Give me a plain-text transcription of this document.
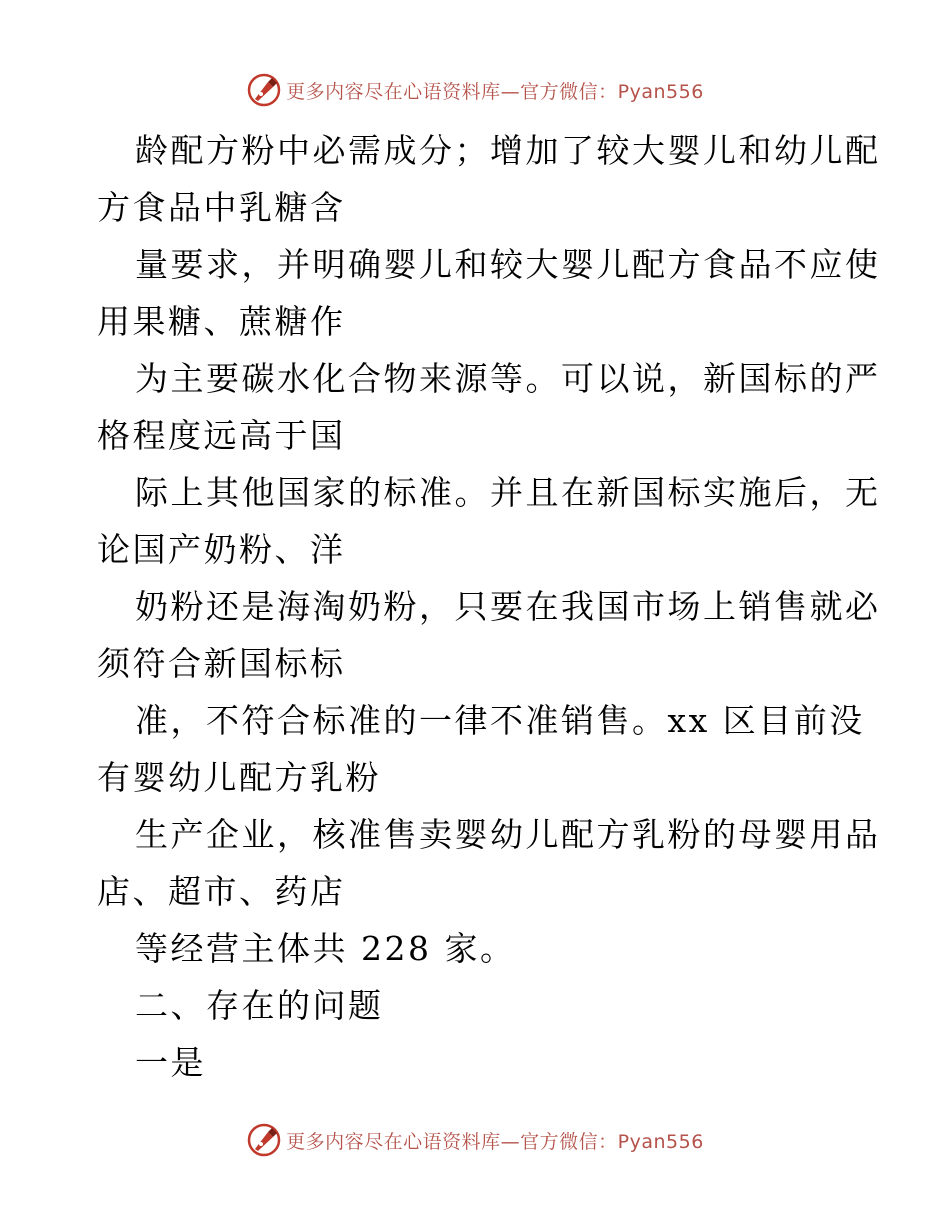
更多内容尽在心语资料库—官方微信：Pyan556
龄配方粉中必需成分；增加了较大婴儿和幼儿配
方食品中乳糖含
量要求，并明确婴儿和较大婴儿配方食品不应使
用果糖、蔗糖作
为主要碳水化合物来源等。可以说，新国标的严
格程度远高于国
际上其他国家的标准。并且在新国标实施后，无
论国产奶粉、洋
奶粉还是海淘奶粉，只要在我国市场上销售就必
须符合新国标标
准，不符合标准的一律不准销售。xx 区目前没
有婴幼儿配方乳粉
生产企业，核准售卖婴幼儿配方乳粉的母婴用品
店、超市、药店
等经营主体共 228 家。
二、存在的问题
一是
更多内容尽在心语资料库—官方微信：Pyan556
